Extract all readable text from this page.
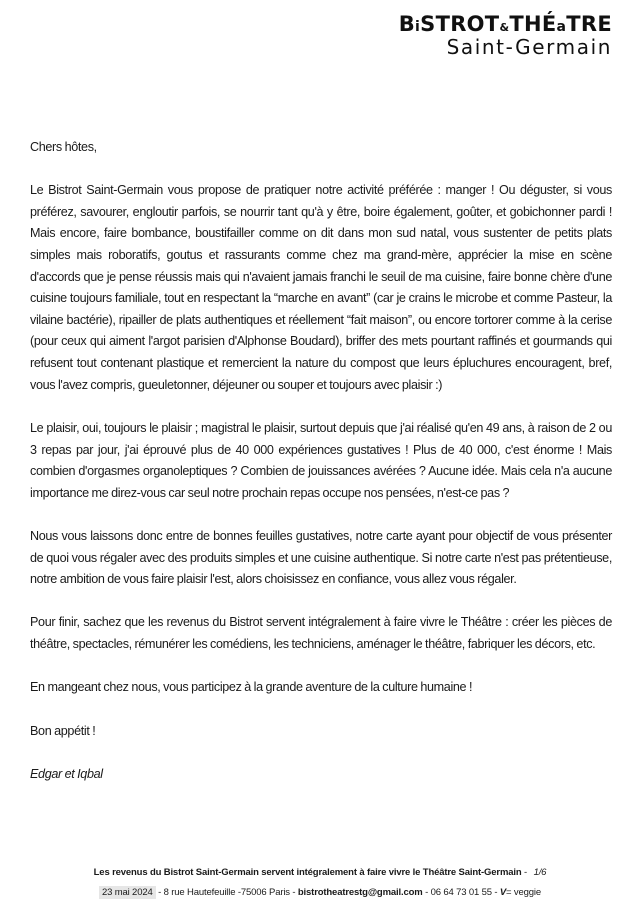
BiSTROT&THÉaTRE
Saint-Germain

Chers hôtes,

Le Bistrot Saint-Germain vous propose de pratiquer notre activité préférée : manger ! Ou déguster, si vous préférez, savourer, engloutir parfois, se nourrir tant qu'à y être, boire également, goûter, et gobichonner pardi ! Mais encore, faire bombance, boustifailler comme on dit dans mon sud natal, vous sustenter de petits plats simples mais roboratifs, goutus et rassurants comme chez ma grand-mère, apprécier la mise en scène d'accords que je pense réussis mais qui n'avaient jamais franchi le seuil de ma cuisine, faire bonne chère d'une cuisine toujours familiale, tout en respectant la “marche en avant” (car je crains le microbe et comme Pasteur, la vilaine bactérie), ripailler de plats authentiques et réellement “fait maison”, ou encore tortorer comme à la cerise (pour ceux qui aiment l'argot parisien d'Alphonse Boudard), briffer des mets pourtant raffinés et gourmands qui refusent tout contenant plastique et remercient la nature du compost que leurs épluchures encouragent, bref, vous l'avez compris, gueuletonner, déjeuner ou souper et toujours avec plaisir :)

Le plaisir, oui, toujours le plaisir ; magistral le plaisir, surtout depuis que j'ai réalisé qu'en 49 ans, à raison de 2 ou 3 repas par jour, j'ai éprouvé plus de 40 000 expériences gustatives ! Plus de 40 000, c'est énorme ! Mais combien d'orgasmes organoleptiques ? Combien de jouissances avérées ? Aucune idée. Mais cela n'a aucune importance me direz-vous car seul notre prochain repas occupe nos pensées, n'est-ce pas ?

Nous vous laissons donc entre de bonnes feuilles gustatives, notre carte ayant pour objectif de vous présenter de quoi vous régaler avec des produits simples et une cuisine authentique. Si notre carte n'est pas prétentieuse, notre ambition de vous faire plaisir l'est, alors choisissez en confiance, vous allez vous régaler.

Pour finir, sachez que les revenus du Bistrot servent intégralement à faire vivre le Théâtre : créer les pièces de théâtre, spectacles, rémunérer les comédiens, les techniciens, aménager le théâtre, fabriquer les décors, etc.

En mangeant chez nous, vous participez à la grande aventure de la culture humaine !

Bon appétit !

Edgar et Iqbal

Les revenus du Bistrot Saint-Germain servent intégralement à faire vivre le Théâtre Saint-Germain - 1/6
23 mai 2024 - 8 rue Hautefeuille -75006 Paris - bistrotheatrestg@gmail.com - 06 64 73 01 55 - V= veggie
